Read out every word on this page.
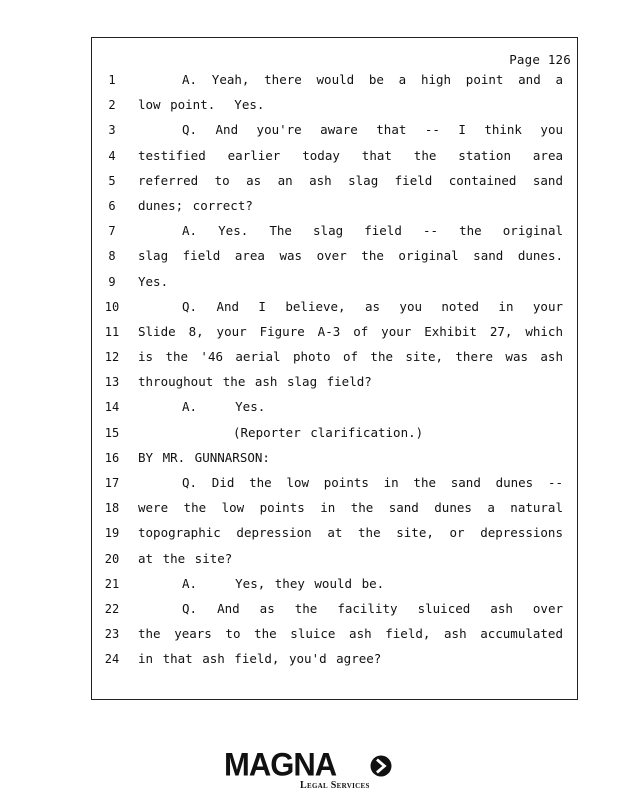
Page 126
1	A. Yeah, there would be a high point and a
2	low point.  Yes.
3	Q. And you're aware that -- I think you
4	testified earlier today that the station area
5	referred to as an ash slag field contained sand
6	dunes; correct?
7	A. Yes. The slag field -- the original
8	slag field area was over the original sand dunes.
9	Yes.
10	Q. And I believe, as you noted in your
11	Slide 8, your Figure A-3 of your Exhibit 27, which
12	is the '46 aerial photo of the site, there was ash
13	throughout the ash slag field?
14	A.    Yes.
15	(Reporter clarification.)
16	BY MR. GUNNARSON:
17	Q. Did the low points in the sand dunes --
18	were the low points in the sand dunes a natural
19	topographic depression at the site, or depressions
20	at the site?
21	A.    Yes, they would be.
22	Q. And as the facility sluiced ash over
23	the years to the sluice ash field, ash accumulated
24	in that ash field, you'd agree?
MAGNA
Legal Services
